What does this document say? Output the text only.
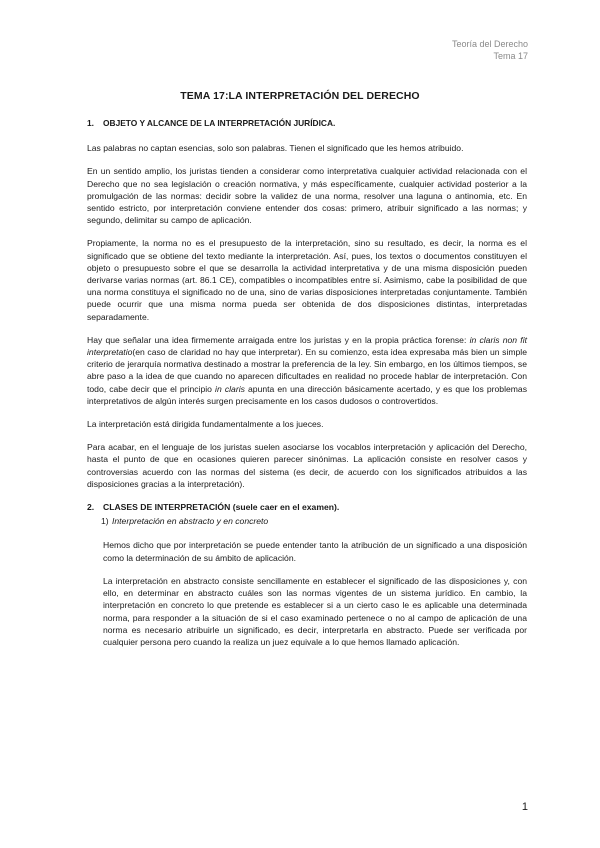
Teoría del Derecho
Tema 17
TEMA 17:LA INTERPRETACIÓN DEL DERECHO
1. OBJETO Y ALCANCE DE LA INTERPRETACIÓN JURÍDICA.

Las palabras no captan esencias, solo son palabras. Tienen el significado que les hemos atribuido.

En un sentido amplio, los juristas tienden a considerar como interpretativa cualquier actividad relacionada con el Derecho que no sea legislación o creación normativa, y más específicamente, cualquier actividad posterior a la promulgación de las normas: decidir sobre la validez de una norma, resolver una laguna o antinomia, etc. En sentido estricto, por interpretación conviene entender dos cosas: primero, atribuir significado a las normas; y segundo, delimitar su campo de aplicación.

Propiamente, la norma no es el presupuesto de la interpretación, sino su resultado, es decir, la norma es el significado que se obtiene del texto mediante la interpretación. Así, pues, los textos o documentos constituyen el objeto o presupuesto sobre el que se desarrolla la actividad interpretativa y de una misma disposición pueden derivarse varias normas (art. 86.1 CE), compatibles o incompatibles entre sí. Asimismo, cabe la posibilidad de que una norma constituya el significado no de una, sino de varias disposiciones interpretadas conjuntamente. También puede ocurrir que una misma norma pueda ser obtenida de dos disposiciones distintas, interpretadas separadamente.

Hay que señalar una idea firmemente arraigada entre los juristas y en la propia práctica forense: in claris non fit interpretatio(en caso de claridad no hay que interpretar). En su comienzo, esta idea expresaba más bien un simple criterio de jerarquía normativa destinado a mostrar la preferencia de la ley. Sin embargo, en los últimos tiempos, se abre paso a la idea de que cuando no aparecen dificultades en realidad no procede hablar de interpretación. Con todo, cabe decir que el principio in claris apunta en una dirección básicamente acertado, y es que los problemas interpretativos de algún interés surgen precisamente en los casos dudosos o controvertidos.

La interpretación está dirigida fundamentalmente a los jueces.

Para acabar, en el lenguaje de los juristas suelen asociarse los vocablos interpretación y aplicación del Derecho, hasta el punto de que en ocasiones quieren parecer sinónimas. La aplicación consiste en resolver casos y controversias acuerdo con las normas del sistema (es decir, de acuerdo con los significados atribuidos a las disposiciones gracias a la interpretación).

2. CLASES DE INTERPRETACIÓN (suele caer en el examen).
1) Interpretación en abstracto y en concreto

Hemos dicho que por interpretación se puede entender tanto la atribución de un significado a una disposición como la determinación de su ámbito de aplicación.

La interpretación en abstracto consiste sencillamente en establecer el significado de las disposiciones y, con ello, en determinar en abstracto cuáles son las normas vigentes de un sistema jurídico. En cambio, la interpretación en concreto lo que pretende es establecer si a un cierto caso le es aplicable una determinada norma, para responder a la situación de si el caso examinado pertenece o no al campo de aplicación de una norma es necesario atribuirle un significado, es decir, interpretarla en abstracto. Puede ser verificada por cualquier persona pero cuando la realiza un juez equivale a lo que hemos llamado aplicación.

1
